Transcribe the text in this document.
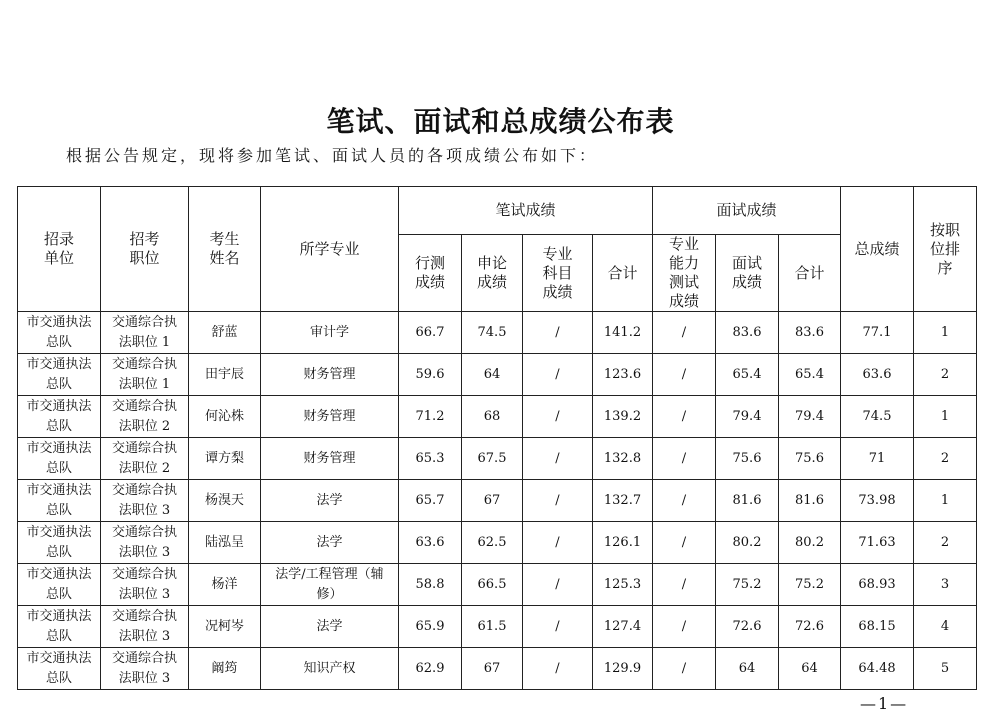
笔试、面试和总成绩公布表
根据公告规定，现将参加笔试、面试人员的各项成绩公布如下：
招录单位	招考职位	考生姓名	所学专业	笔试成绩				面试成绩			总成绩	按职位排序
				行测成绩	申论成绩	专业科目成绩	合计	专业能力测试成绩	面试成绩	合计		

市交通执法总队	交通综合执法职位 1	舒蓝	审计学	66.7	74.5	/	141.2	/	83.6	83.6	77.1	1

市交通执法总队	交通综合执法职位 1	田宇辰	财务管理	59.6	64	/	123.6	/	65.4	65.4	63.6	2

市交通执法总队	交通综合执法职位 2	何沁株	财务管理	71.2	68	/	139.2	/	79.4	79.4	74.5	1

市交通执法总队	交通综合执法职位 2	谭方梨	财务管理	65.3	67.5	/	132.8	/	75.6	75.6	71	2

市交通执法总队	交通综合执法职位 3	杨湨天	法学	65.7	67	/	132.7	/	81.6	81.6	73.98	1

市交通执法总队	交通综合执法职位 3	陆泓呈	法学	63.6	62.5	/	126.1	/	80.2	80.2	71.63	2

市交通执法总队	交通综合执法职位 3	杨洋	法学/工程管理（辅修）	58.8	66.5	/	125.3	/	75.2	75.2	68.93	3

市交通执法总队	交通综合执法职位 3	况柯岑	法学	65.9	61.5	/	127.4	/	72.6	72.6	68.15	4

市交通执法总队	交通综合执法职位 3	阚筠	知识产权	62.9	67	/	129.9	/	64	64	64.48	5
—1—
